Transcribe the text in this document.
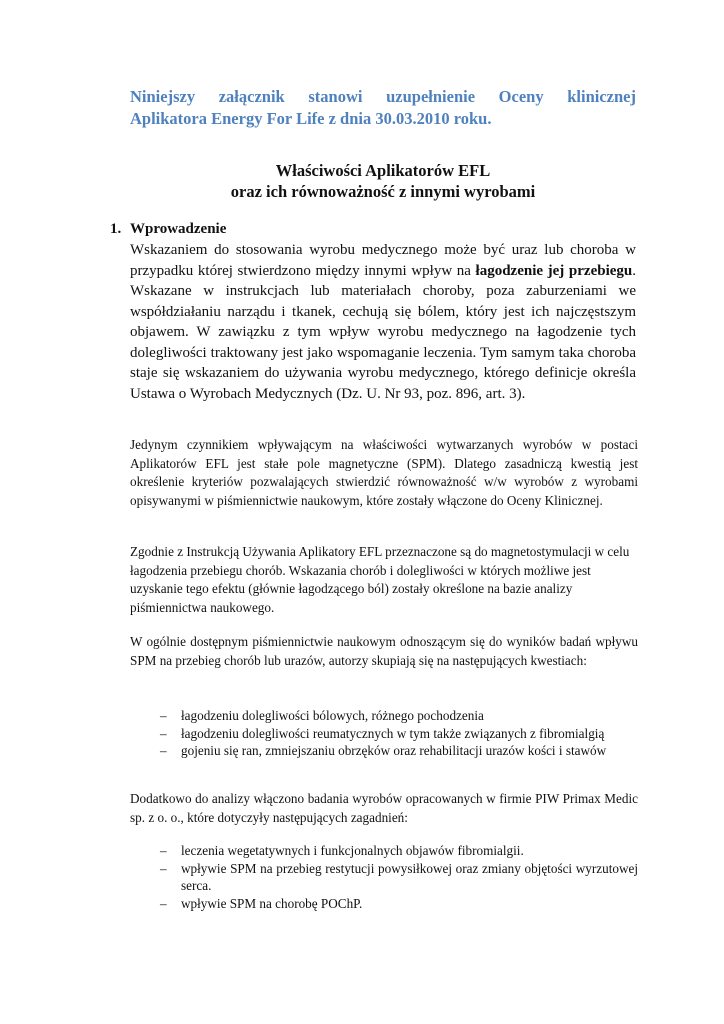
Niniejszy załącznik stanowi uzupełnienie Oceny klinicznej
Aplikatora Energy For Life z dnia 30.03.2010 roku.
Właściwości Aplikatorów EFL
oraz ich równoważność z innymi wyrobami
1. Wprowadzenie
Wskazaniem do stosowania wyrobu medycznego może być uraz lub choroba w przypadku której stwierdzono między innymi wpływ na łagodzenie jej przebiegu. Wskazane w instrukcjach lub materiałach choroby, poza zaburzeniami we współdziałaniu narządu i tkanek, cechują się bólem, który jest ich najczęstszym objawem. W zawiązku z tym wpływ wyrobu medycznego na łagodzenie tych dolegliwości traktowany jest jako wspomaganie leczenia. Tym samym taka choroba staje się wskazaniem do używania wyrobu medycznego, którego definicje określa Ustawa o Wyrobach Medycznych (Dz. U. Nr 93, poz. 896, art. 3).
Jedynym czynnikiem wpływającym na właściwości wytwarzanych wyrobów w postaci Aplikatorów EFL jest stałe pole magnetyczne (SPM). Dlatego zasadniczą kwestią jest określenie kryteriów pozwalających stwierdzić równoważność w/w wyrobów z wyrobami opisywanymi w piśmiennictwie naukowym, które zostały włączone do Oceny Klinicznej.
Zgodnie z Instrukcją Używania Aplikatory EFL przeznaczone są do magnetostymulacji w celu łagodzenia przebiegu chorób. Wskazania chorób i dolegliwości w których możliwe jest uzyskanie tego efektu (głównie łagodzącego ból) zostały określone na bazie analizy piśmiennictwa naukowego.
W ogólnie dostępnym piśmiennictwie naukowym odnoszącym się do wyników badań wpływu SPM na przebieg chorób lub urazów, autorzy skupiają się na następujących kwestiach:
– łagodzeniu dolegliwości bólowych, różnego pochodzenia
– łagodzeniu dolegliwości reumatycznych w tym także związanych z fibromialgią
– gojeniu się ran, zmniejszaniu obrzęków oraz rehabilitacji urazów kości i stawów
Dodatkowo do analizy włączono badania wyrobów opracowanych w firmie PIW Primax Medic sp. z o. o., które dotyczyły następujących zagadnień:
– leczenia wegetatywnych i funkcjonalnych objawów fibromialgii.
– wpływie SPM na przebieg restytucji powysiłkowej oraz zmiany objętości wyrzutowej serca.
– wpływie SPM na chorobę POChP.
